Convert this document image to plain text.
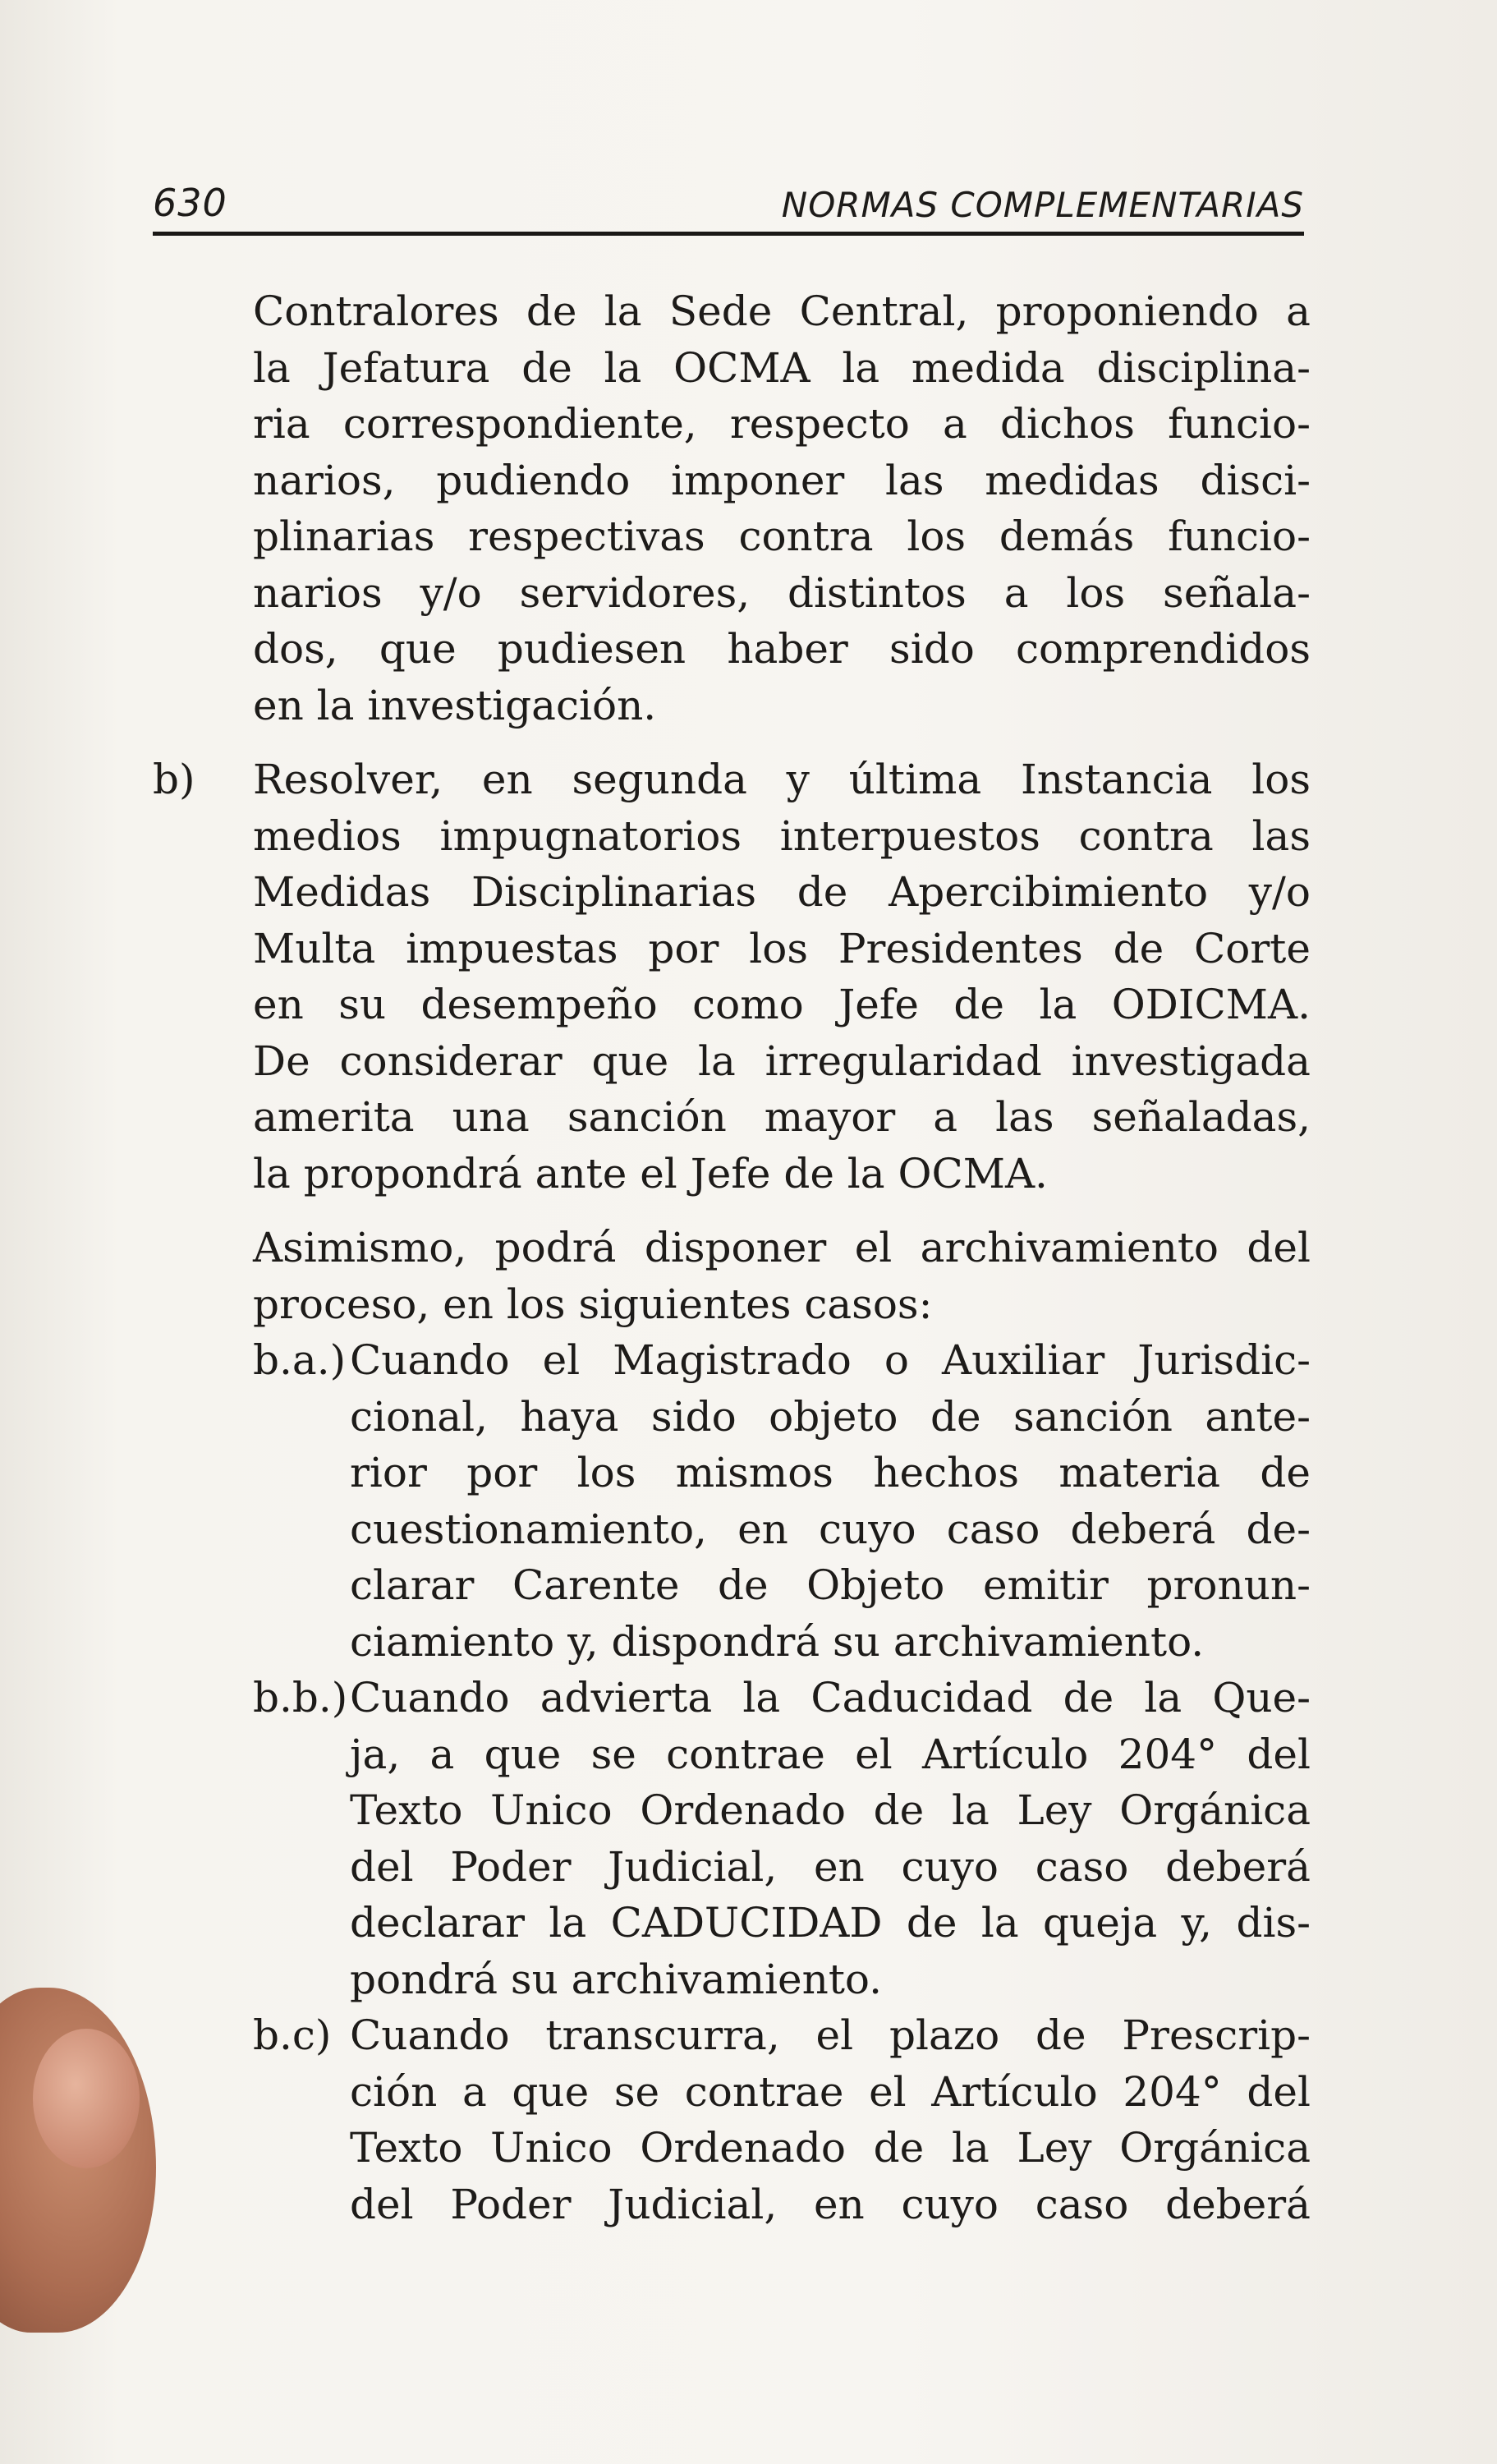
630	NORMAS COMPLEMENTARIAS
Contralores de la Sede Central, proponiendo a
la Jefatura de la OCMA la medida disciplina-
ria correspondiente, respecto a dichos funcio-
narios, pudiendo imponer las medidas disci-
plinarias respectivas contra los demás funcio-
narios y/o servidores, distintos a los señala-
dos, que pudiesen haber sido comprendidos
en la investigación.
b) Resolver, en segunda y última Instancia los
medios impugnatorios interpuestos contra las
Medidas Disciplinarias de Apercibimiento y/o
Multa impuestas por los Presidentes de Corte
en su desempeño como Jefe de la ODICMA.
De considerar que la irregularidad investigada
amerita una sanción mayor a las señaladas,
la propondrá ante el Jefe de la OCMA.
Asimismo, podrá disponer el archivamiento del
proceso, en los siguientes casos:
b.a.) Cuando el Magistrado o Auxiliar Jurisdic-
cional, haya sido objeto de sanción ante-
rior por los mismos hechos materia de
cuestionamiento, en cuyo caso deberá de-
clarar Carente de Objeto emitir pronun-
ciamiento y, dispondrá su archivamiento.
b.b.) Cuando advierta la Caducidad de la Que-
ja, a que se contrae el Artículo 204° del
Texto Unico Ordenado de la Ley Orgánica
del Poder Judicial, en cuyo caso deberá
declarar la CADUCIDAD de la queja y, dis-
pondrá su archivamiento.
b.c) Cuando transcurra, el plazo de Prescrip-
ción a que se contrae el Artículo 204° del
Texto Unico Ordenado de la Ley Orgánica
del Poder Judicial, en cuyo caso deberá
